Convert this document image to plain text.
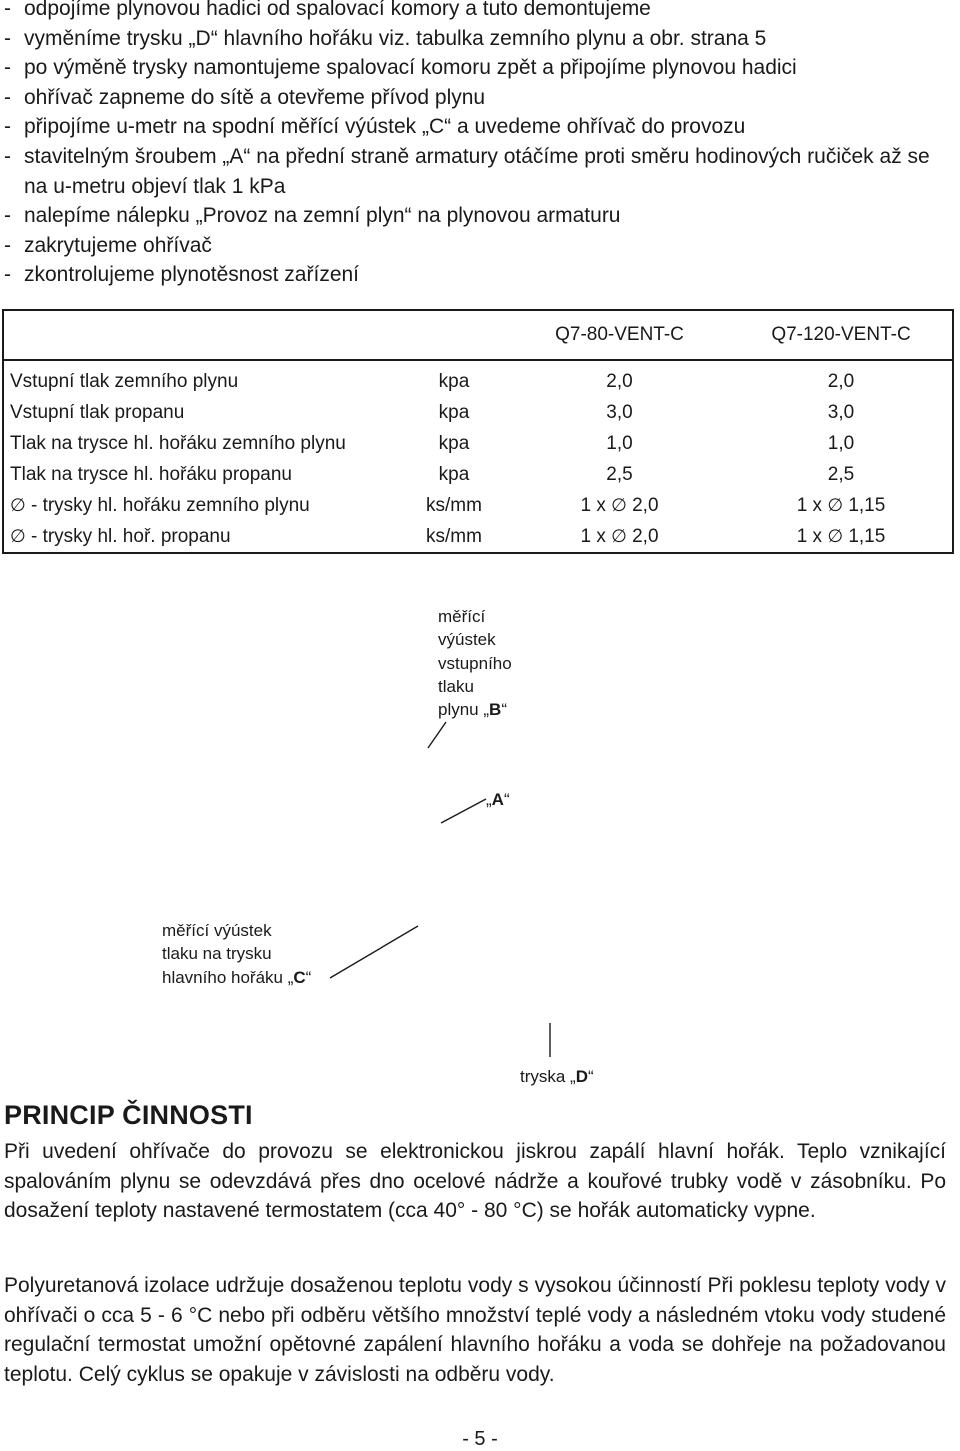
- odpojíme plynovou hadici od spalovací komory a tuto demontujeme
- vyměníme trysku „D“ hlavního hořáku viz. tabulka zemního plynu a obr. strana 5
- po výměně trysky namontujeme spalovací komoru zpět a připojíme plynovou hadici
- ohřívač zapneme do sítě a otevřeme přívod plynu
- připojíme u-metr na spodní měřící výústek „C“ a uvedeme ohřívač do provozu
- stavitelným šroubem „A“ na přední straně armatury otáčíme proti směru hodinových ručiček až se na u-metru objeví tlak 1 kPa
- nalepíme nálepku „Provoz na zemní plyn“ na plynovou armaturu
- zakrytujeme ohřívač
- zkontrolujeme plynotěsnost zařízení
		Q7-80-VENT-C	Q7-120-VENT-C
Vstupní tlak zemního plynu	kpa	2,0	2,0
Vstupní tlak propanu	kpa	3,0	3,0
Tlak na trysce hl. hořáku zemního plynu	kpa	1,0	1,0
Tlak na trysce hl. hořáku propanu	kpa	2,5	2,5
∅ - trysky hl. hořáku zemního plynu	ks/mm	1 x ∅ 2,0	1 x ∅ 1,15
∅ - trysky hl. hoř. propanu	ks/mm	1 x ∅ 2,0	1 x ∅ 1,15
měřící
výústek
vstupního
tlaku
plynu „B“
„A“
měřící výústek
tlaku na trysku
hlavního hořáku „C“
tryska „D“
PRINCIP ČINNOSTI

Při uvedení ohřívače do provozu se elektronickou jiskrou zapálí hlavní hořák. Teplo vznikající spalováním plynu se odevzdává přes dno ocelové nádrže a kouřové trubky vodě v zásobníku. Po dosažení teploty nastavené termostatem (cca 40° - 80 °C) se hořák automaticky vypne.

Polyuretanová izolace udržuje dosaženou teplotu vody s vysokou účinností Při poklesu teploty vody v ohřívači o cca 5 - 6 °C nebo při odběru většího množství teplé vody a následném vtoku vody studené regulační termostat umožní opětovné zapálení hlavního hořáku a voda se dohřeje na požadovanou teplotu. Celý cyklus se opakuje v závislosti na odběru vody.

- 5 -
